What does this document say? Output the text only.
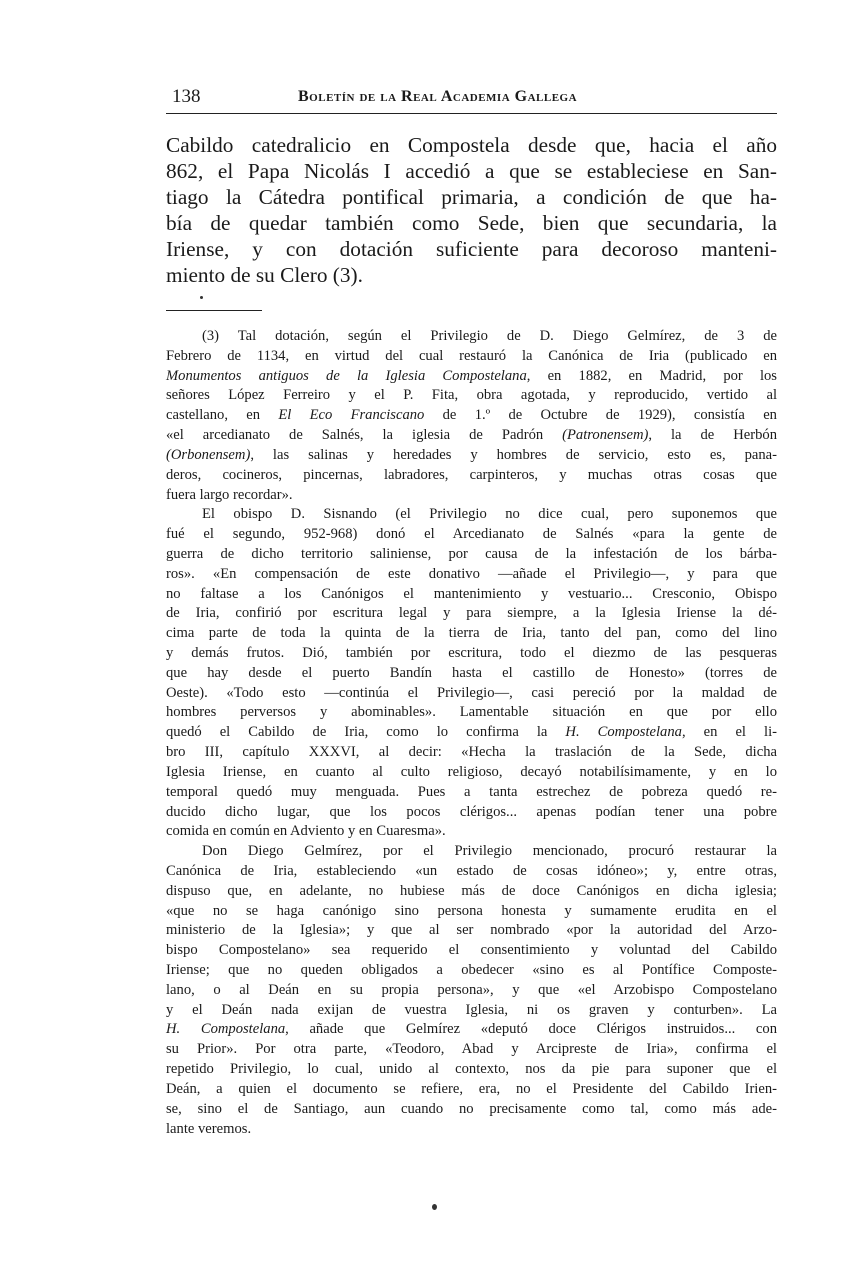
138	Boletín de la Real Academia Gallega
Cabildo catedralicio en Compostela desde que, hacia el año
862, el Papa Nicolás I accedió a que se estableciese en San-
tiago la Cátedra pontifical primaria, a condición de que ha-
bía de quedar también como Sede, bien que secundaria, la
Iriense, y con dotación suficiente para decoroso manteni-
miento de su Clero (3).
(3) Tal dotación, según el Privilegio de D. Diego Gelmírez, de 3 de
Febrero de 1134, en virtud del cual restauró la Canónica de Iria (publicado en
Monumentos antiguos de la Iglesia Compostelana, en 1882, en Madrid, por los
señores López Ferreiro y el P. Fita, obra agotada, y reproducido, vertido al
castellano, en El Eco Franciscano de 1.º de Octubre de 1929), consistía en
«el arcedianato de Salnés, la iglesia de Padrón (Patronensem), la de Herbón
(Orbonensem), las salinas y heredades y hombres de servicio, esto es, pana-
deros, cocineros, pincernas, labradores, carpinteros, y muchas otras cosas que
fuera largo recordar».
El obispo D. Sisnando (el Privilegio no dice cual, pero suponemos que
fué el segundo, 952-968) donó el Arcedianato de Salnés «para la gente de
guerra de dicho territorio saliniense, por causa de la infestación de los bárba-
ros». «En compensación de este donativo —añade el Privilegio—, y para que
no faltase a los Canónigos el mantenimiento y vestuario... Cresconio, Obispo
de Iria, confirió por escritura legal y para siempre, a la Iglesia Iriense la dé-
cima parte de toda la quinta de la tierra de Iria, tanto del pan, como del lino
y demás frutos. Dió, también por escritura, todo el diezmo de las pesqueras
que hay desde el puerto Bandín hasta el castillo de Honesto» (torres de
Oeste). «Todo esto —continúa el Privilegio—, casi pereció por la maldad de
hombres perversos y abominables». Lamentable situación en que por ello
quedó el Cabildo de Iria, como lo confirma la H. Compostelana, en el li-
bro III, capítulo XXXVI, al decir: «Hecha la traslación de la Sede, dicha
Iglesia Iriense, en cuanto al culto religioso, decayó notabilísimamente, y en lo
temporal quedó muy menguada. Pues a tanta estrechez de pobreza quedó re-
ducido dicho lugar, que los pocos clérigos... apenas podían tener una pobre
comida en común en Adviento y en Cuaresma».
Don Diego Gelmírez, por el Privilegio mencionado, procuró restaurar la
Canónica de Iria, estableciendo «un estado de cosas idóneo»; y, entre otras,
dispuso que, en adelante, no hubiese más de doce Canónigos en dicha iglesia;
«que no se haga canónigo sino persona honesta y sumamente erudita en el
ministerio de la Iglesia»; y que al ser nombrado «por la autoridad del Arzo-
bispo Compostelano» sea requerido el consentimiento y voluntad del Cabildo
Iriense; que no queden obligados a obedecer «sino es al Pontífice Compostе-
lano, o al Deán en su propia persona», y que «el Arzobispo Compostelano
y el Deán nada exijan de vuestra Iglesia, ni os graven y conturben». La
H. Compostelana, añade que Gelmírez «deputó doce Clérigos instruidos... con
su Prior». Por otra parte, «Teodoro, Abad y Arcipreste de Iria», confirma el
repetido Privilegio, lo cual, unido al contexto, nos da pie para suponer que el
Deán, a quien el documento se refiere, era, no el Presidente del Cabildo Irien-
se, sino el de Santiago, aun cuando no precisamente como tal, como más ade-
lante veremos.
